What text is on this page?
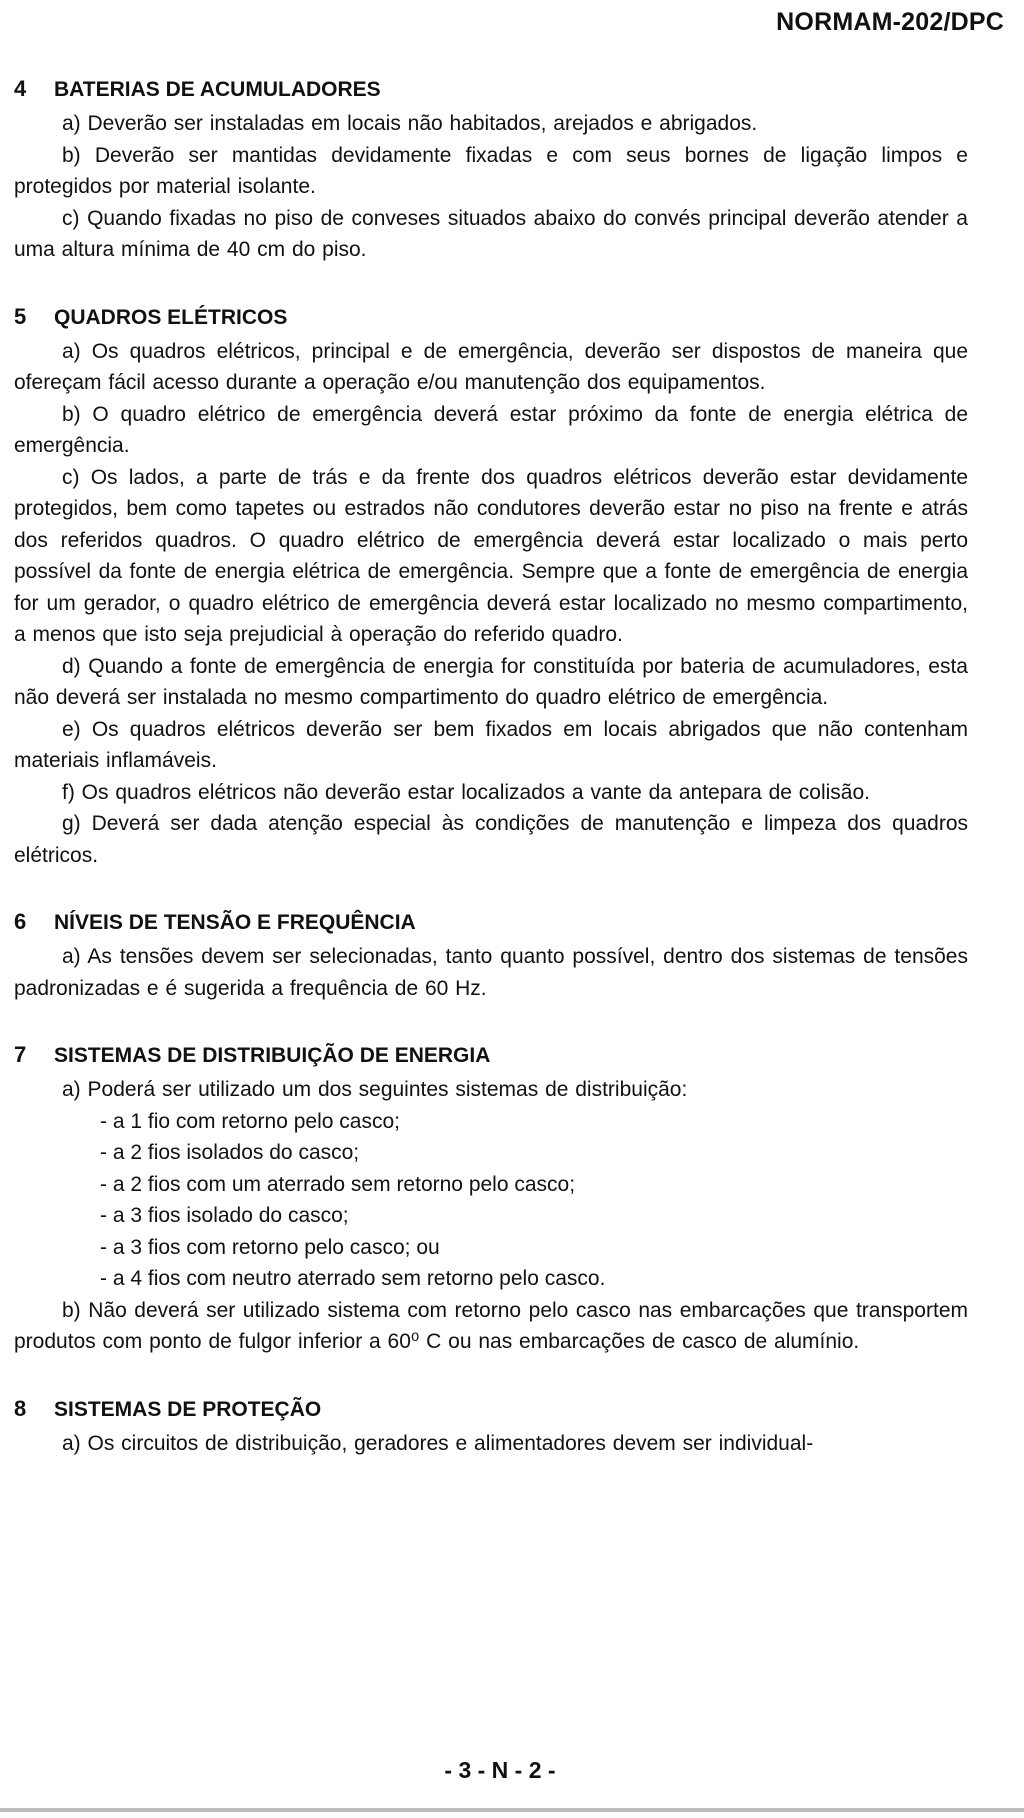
NORMAM-202/DPC
4	BATERIAS DE ACUMULADORES

a) Deverão ser instaladas em locais não habitados, arejados e abrigados.

b) Deverão ser mantidas devidamente fixadas e com seus bornes de ligação limpos e protegidos por material isolante.

c) Quando fixadas no piso de conveses situados abaixo do convés principal deverão atender a uma altura mínima de 40 cm do piso.

5	QUADROS ELÉTRICOS

a) Os quadros elétricos, principal e de emergência, deverão ser dispostos de maneira que ofereçam fácil acesso durante a operação e/ou manutenção dos equipamentos.

b) O quadro elétrico de emergência deverá estar próximo da fonte de energia elétrica de emergência.

c) Os lados, a parte de trás e da frente dos quadros elétricos deverão estar devidamente protegidos, bem como tapetes ou estrados não condutores deverão estar no piso na frente e atrás dos referidos quadros. O quadro elétrico de emergência deverá estar localizado o mais perto possível da fonte de energia elétrica de emergência. Sempre que a fonte de emergência de energia for um gerador, o quadro elétrico de emergência deverá estar localizado no mesmo compartimento, a menos que isto seja prejudicial à operação do referido quadro.

d) Quando a fonte de emergência de energia for constituída por bateria de acumuladores, esta não deverá ser instalada no mesmo compartimento do quadro elétrico de emergência.

e) Os quadros elétricos deverão ser bem fixados em locais abrigados que não contenham materiais inflamáveis.

f) Os quadros elétricos não deverão estar localizados a vante da antepara de colisão.

g) Deverá ser dada atenção especial às condições de manutenção e limpeza dos quadros elétricos.

6	NÍVEIS DE TENSÃO E FREQUÊNCIA

a) As tensões devem ser selecionadas, tanto quanto possível, dentro dos sistemas de tensões padronizadas e é sugerida a frequência de 60 Hz.

7	SISTEMAS DE DISTRIBUIÇÃO DE ENERGIA

a) Poderá ser utilizado um dos seguintes sistemas de distribuição:

- a 1 fio com retorno pelo casco;
- a 2 fios isolados do casco;
- a 2 fios com um aterrado sem retorno pelo casco;
- a 3 fios isolado do casco;
- a 3 fios com retorno pelo casco; ou
- a 4 fios com neutro aterrado sem retorno pelo casco.

b) Não deverá ser utilizado sistema com retorno pelo casco nas embarcações que transportem produtos com ponto de fulgor inferior a 60⁰ C ou nas embarcações de casco de alumínio.

8	SISTEMAS DE PROTEÇÃO

a) Os circuitos de distribuição, geradores e alimentadores devem ser individual-

- 3 - N - 2 -
